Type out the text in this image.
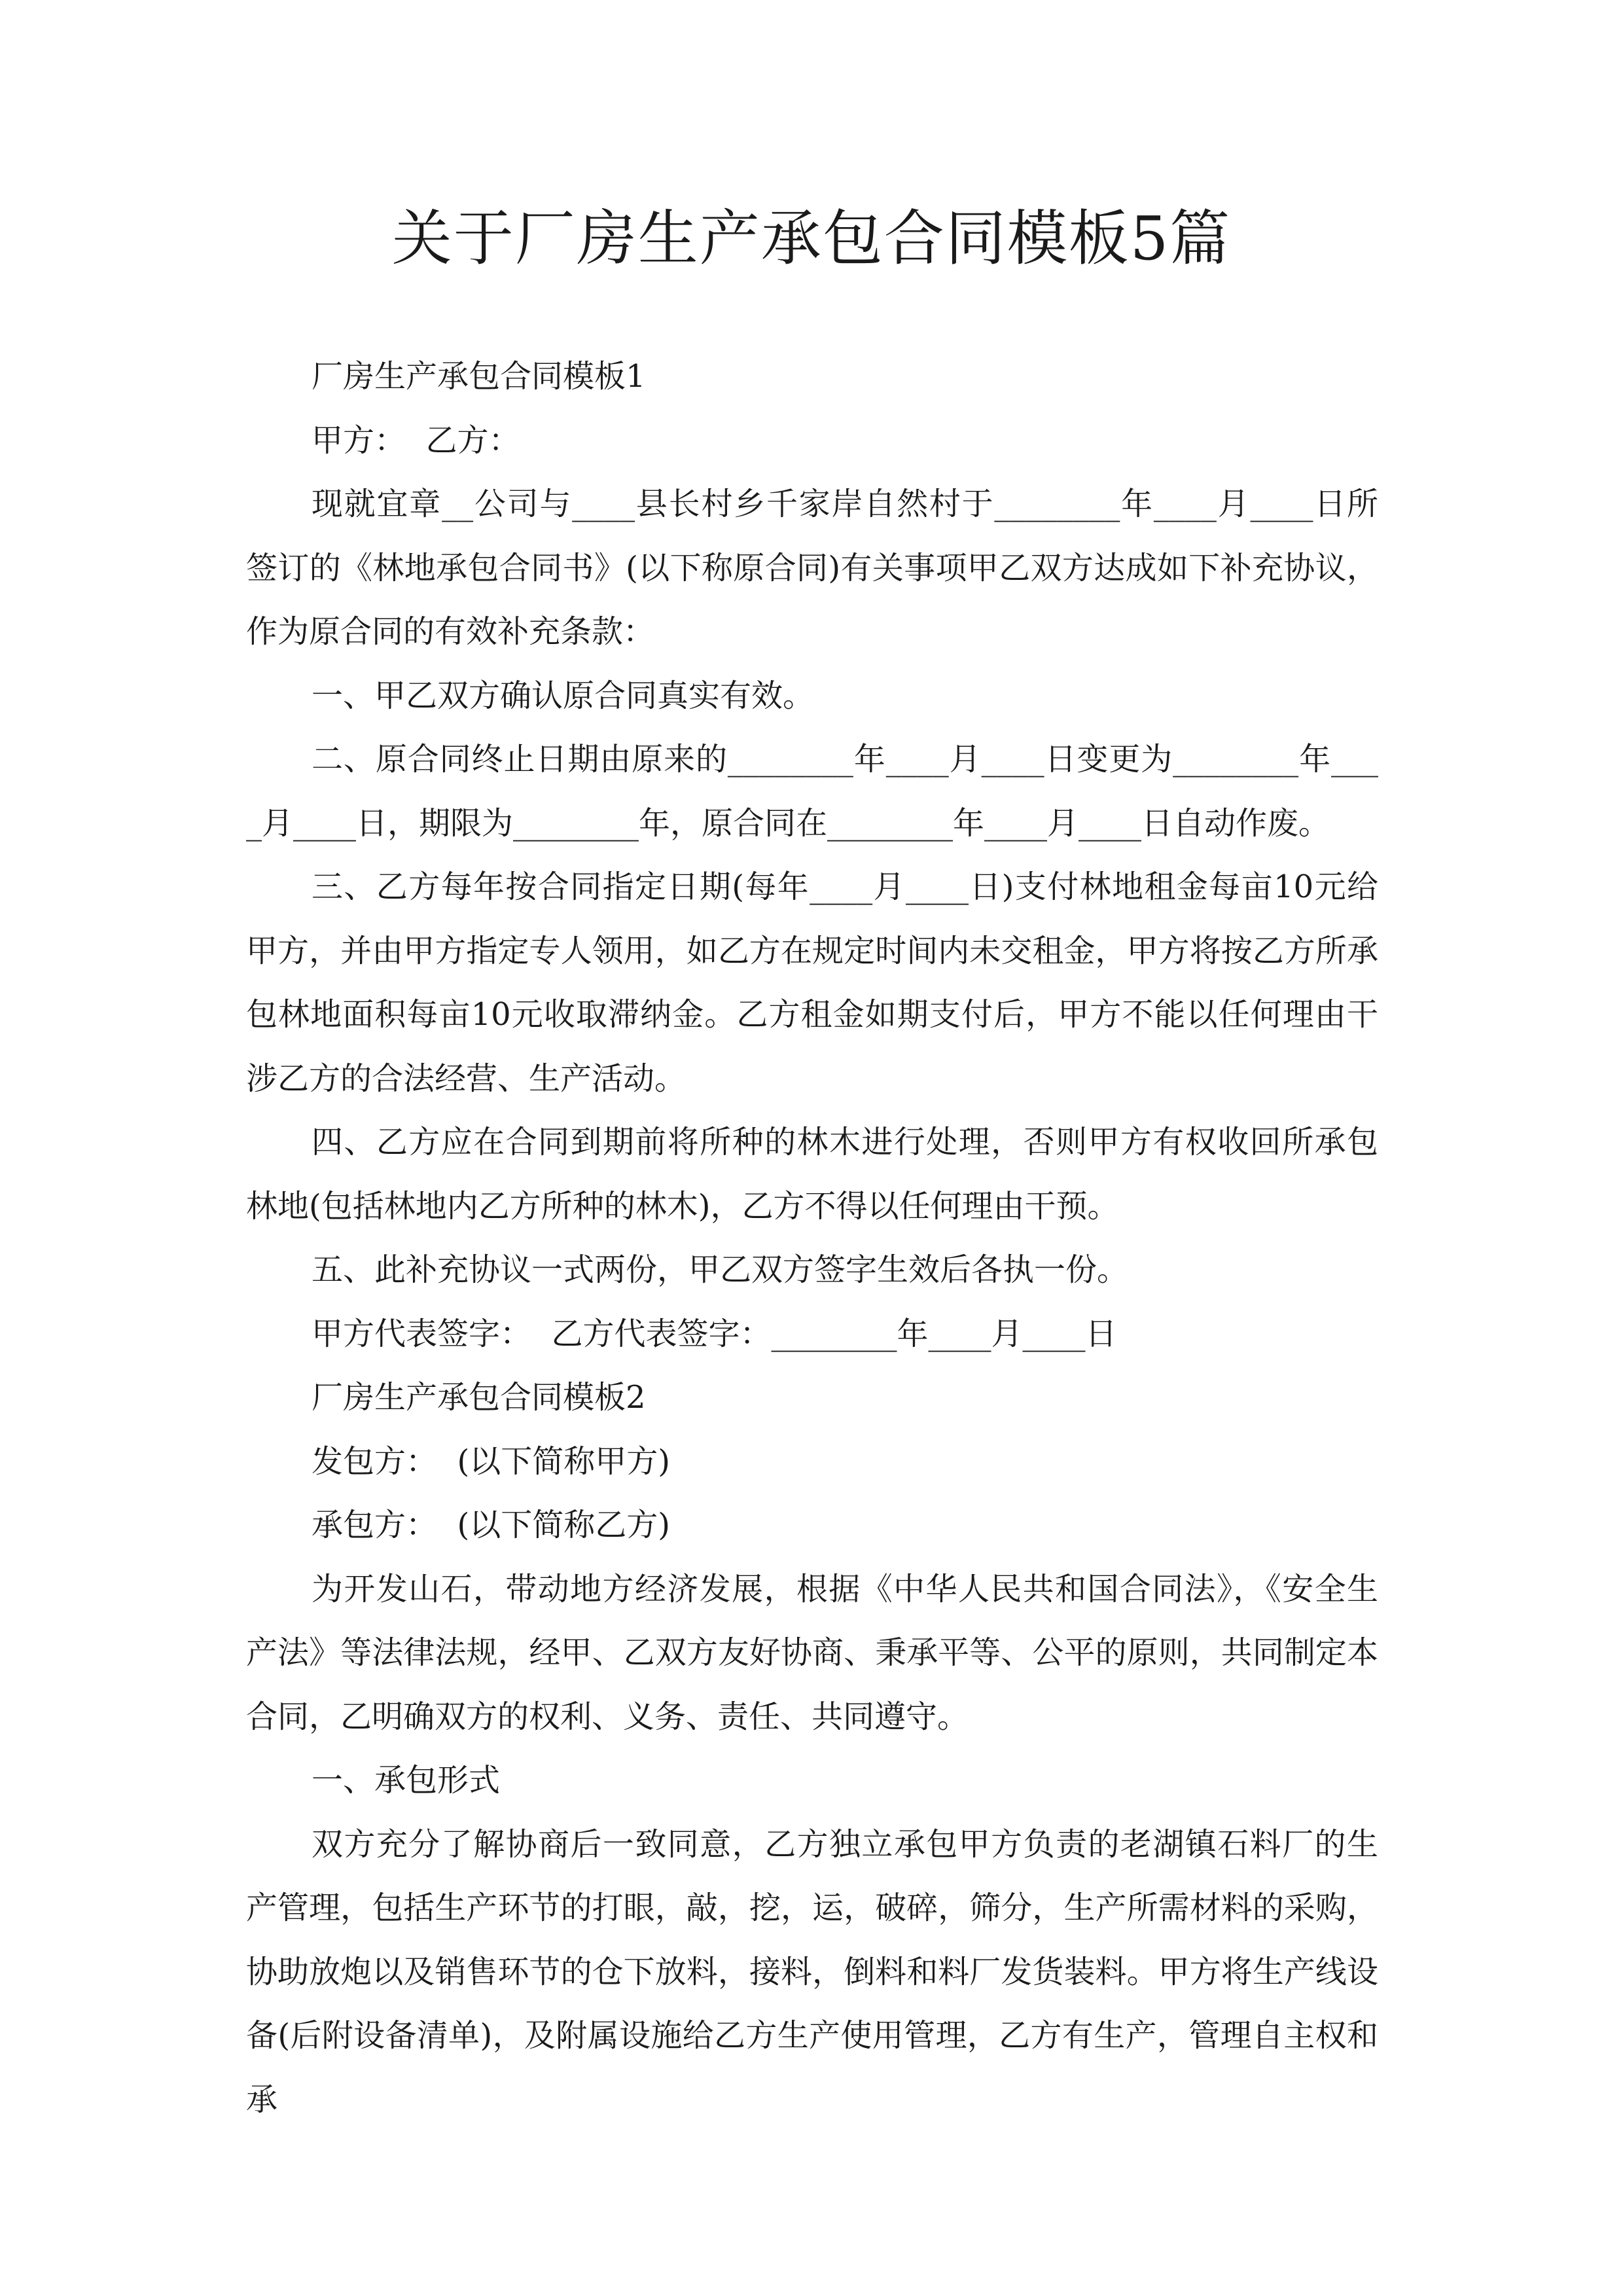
关于厂房生产承包合同模板5篇

厂房生产承包合同模板1

甲方：  乙方：

现就宜章__公司与____县长村乡千家岸自然村于________年____月____日所签订的《林地承包合同书》(以下称原合同)有关事项甲乙双方达成如下补充协议，作为原合同的有效补充条款：

一、甲乙双方确认原合同真实有效。

二、原合同终止日期由原来的________年____月____日变更为________年____月____日，期限为________年，原合同在________年____月____日自动作废。

三、乙方每年按合同指定日期(每年____月____日)支付林地租金每亩10元给甲方，并由甲方指定专人领用，如乙方在规定时间内未交租金，甲方将按乙方所承包林地面积每亩10元收取滞纳金。乙方租金如期支付后，甲方不能以任何理由干涉乙方的合法经营、生产活动。

四、乙方应在合同到期前将所种的林木进行处理，否则甲方有权收回所承包林地(包括林地内乙方所种的林木)，乙方不得以任何理由干预。

五、此补充协议一式两份，甲乙双方签字生效后各执一份。

甲方代表签字：  乙方代表签字：________年____月____日

厂房生产承包合同模板2

发包方：  (以下简称甲方)

承包方：  (以下简称乙方)

为开发山石，带动地方经济发展，根据《中华人民共和国合同法》，《安全生产法》等法律法规，经甲、乙双方友好协商、秉承平等、公平的原则，共同制定本合同，乙明确双方的权利、义务、责任、共同遵守。

一、承包形式

双方充分了解协商后一致同意，乙方独立承包甲方负责的老湖镇石料厂的生产管理，包括生产环节的打眼，敲，挖，运，破碎，筛分，生产所需材料的采购，协助放炮以及销售环节的仓下放料，接料，倒料和料厂发货装料。甲方将生产线设备(后附设备清单)，及附属设施给乙方生产使用管理，乙方有生产，管理自主权和承
